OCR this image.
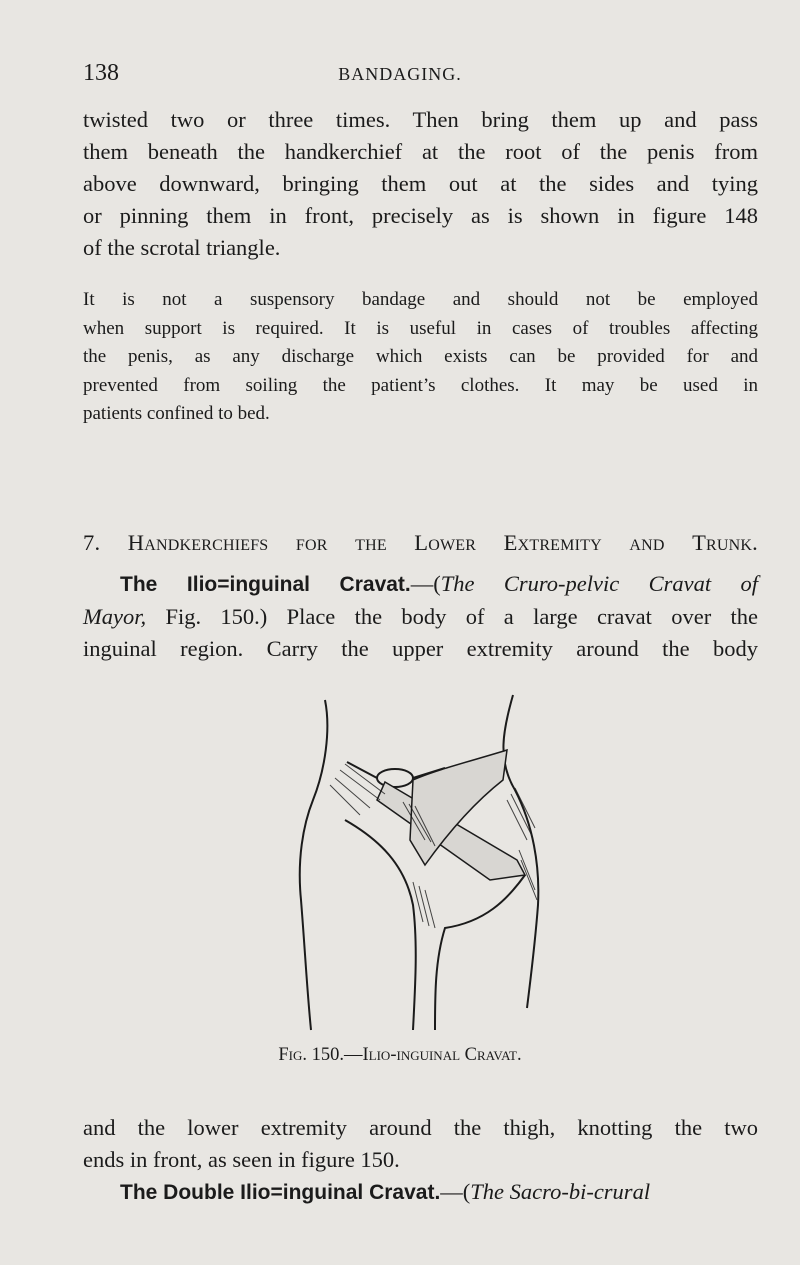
138	BANDAGING.
twisted two or three times. Then bring them up and pass
them beneath the handkerchief at the root of the penis from
above downward, bringing them out at the sides and tying
or pinning them in front, precisely as is shown in figure 148
of the scrotal triangle.
It is not a suspensory bandage and should not be employed
when support is required. It is useful in cases of troubles affecting
the penis, as any discharge which exists can be provided for and
prevented from soiling the patient’s clothes. It may be used in
patients confined to bed.
7. Handkerchiefs for the Lower Extremity and Trunk.
The Ilio=inguinal Cravat.—(The Cruro-pelvic Cravat of
Mayor, Fig. 150.) Place the body of a large cravat over the
inguinal region. Carry the upper extremity around the body
Fig. 150.—Ilio-inguinal Cravat.
and the lower extremity around the thigh, knotting the two
ends in front, as seen in figure 150.
The Double Ilio=inguinal Cravat.—(The Sacro-bi-crural
